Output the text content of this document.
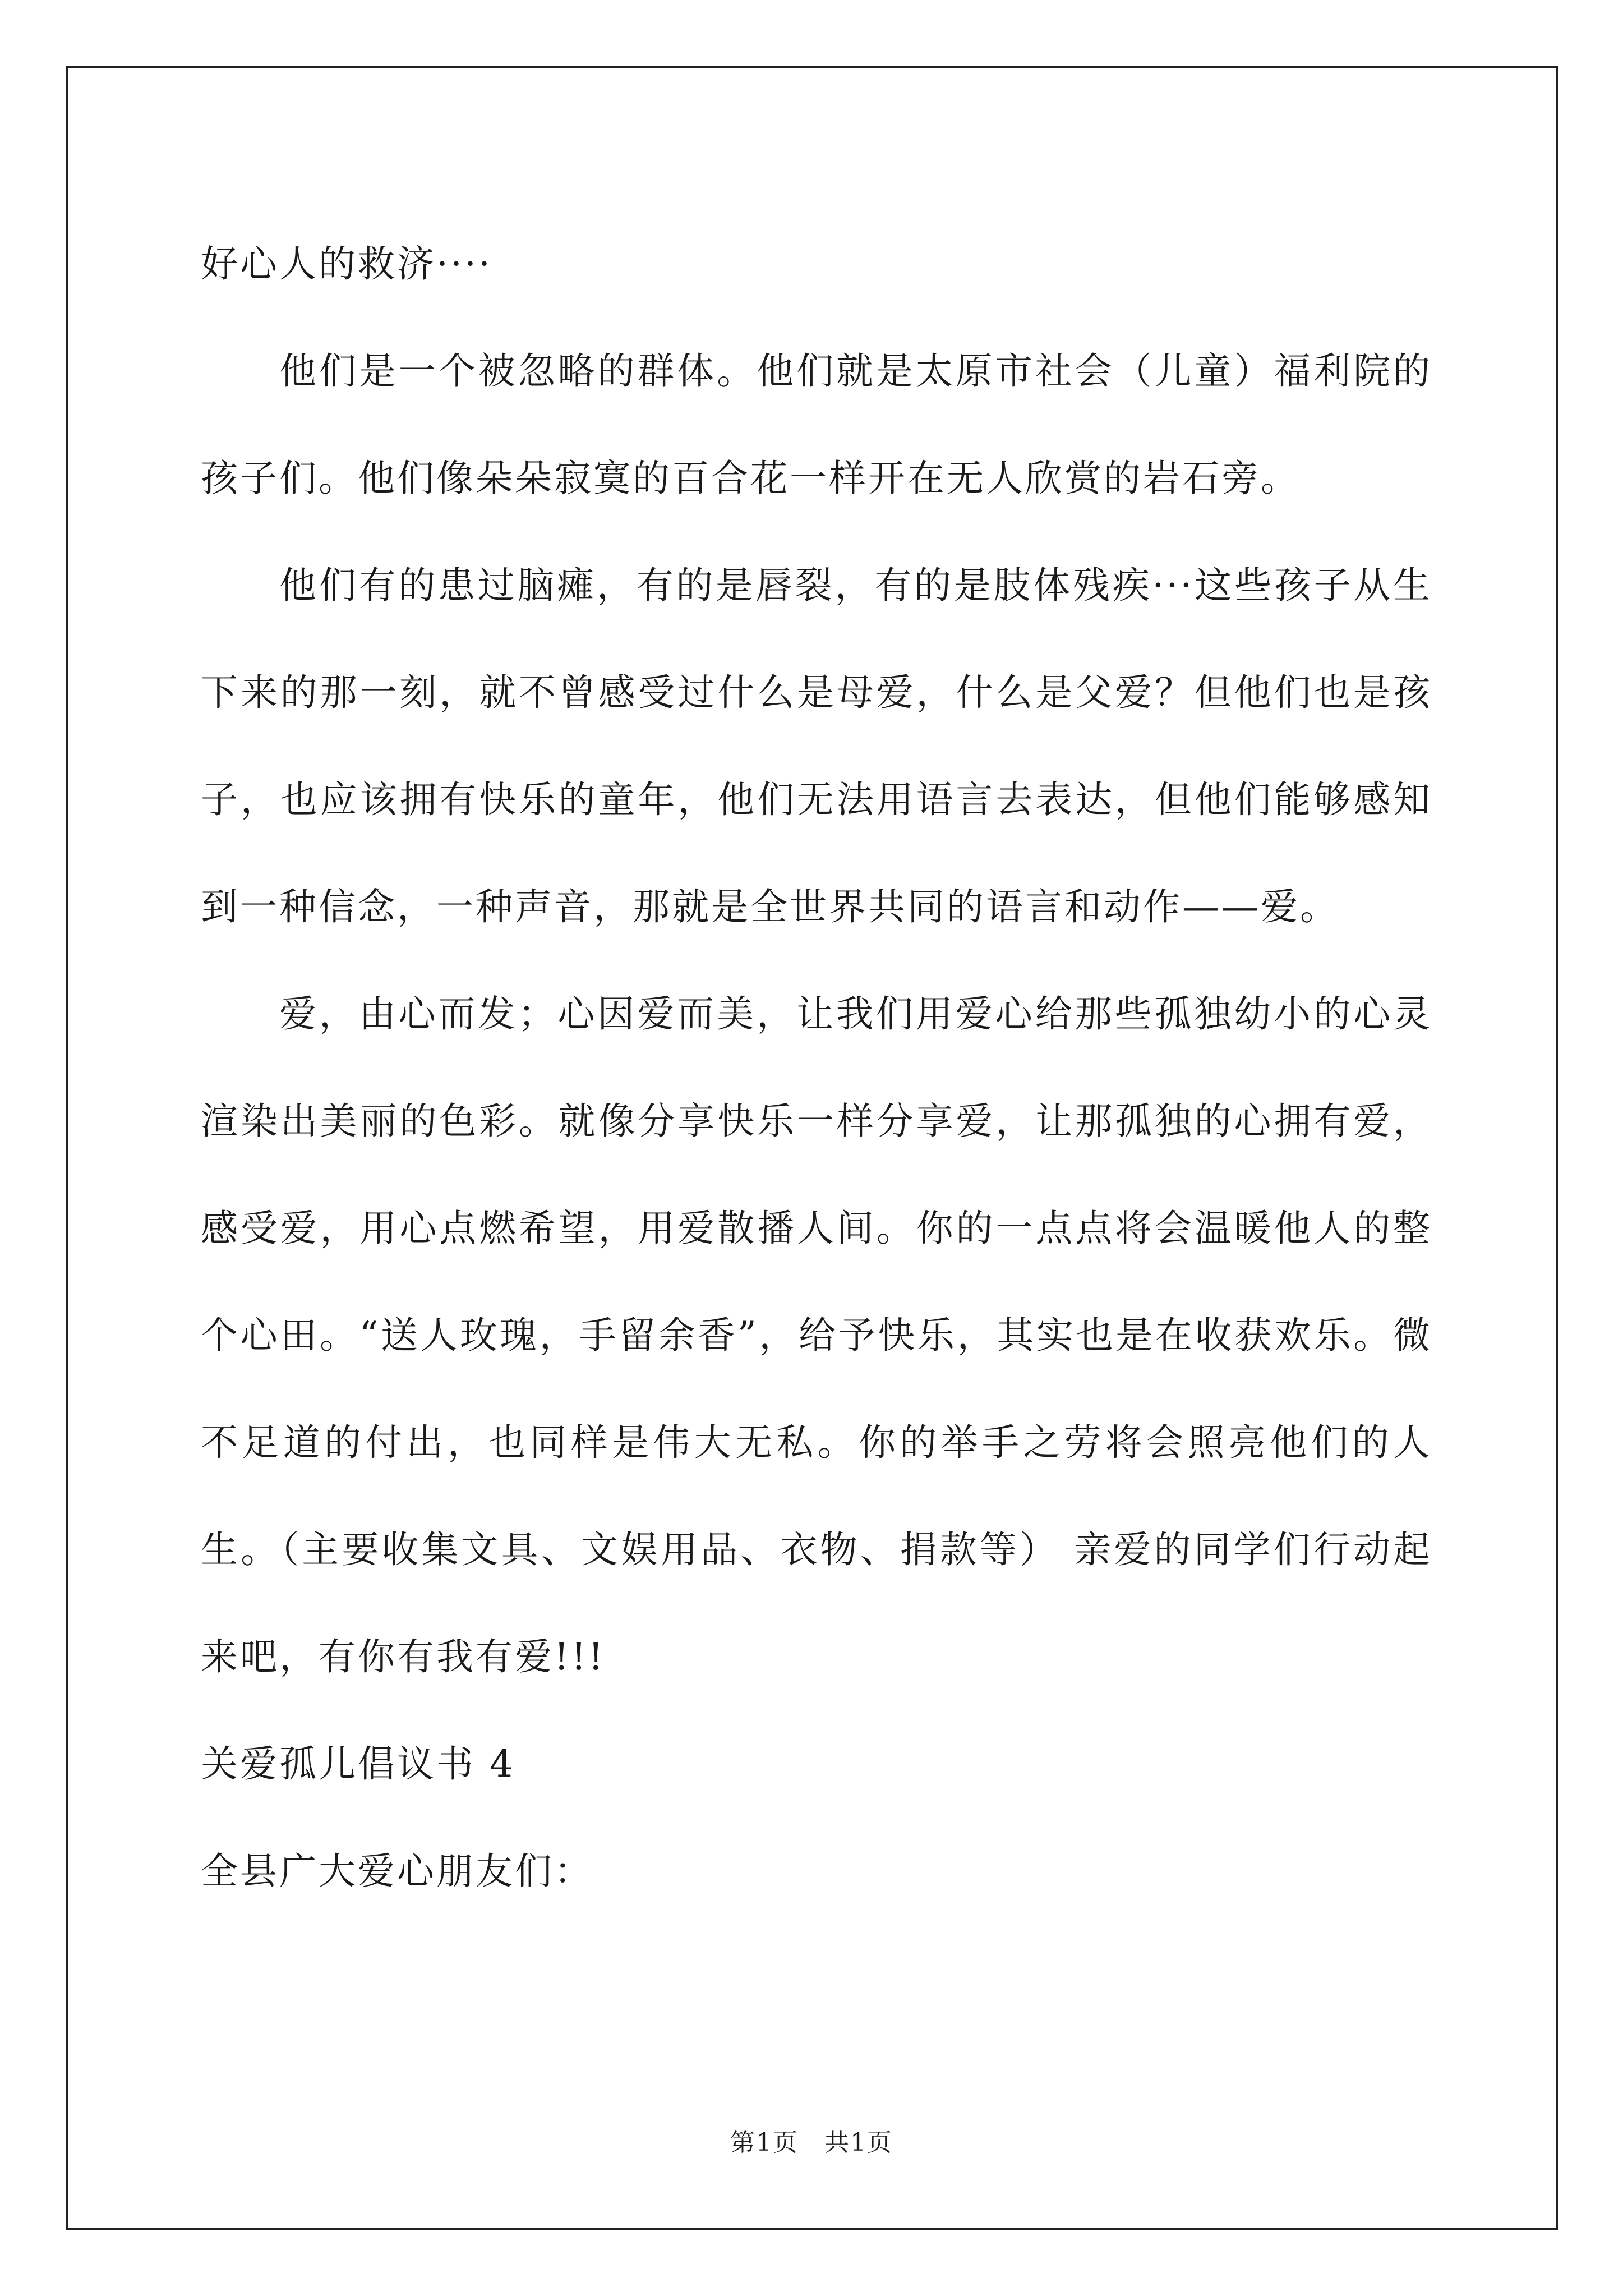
好心人的救济····

他们是一个被忽略的群体。他们就是太原市社会（儿童）福利院的孩子们。他们像朵朵寂寞的百合花一样开在无人欣赏的岩石旁。

他们有的患过脑瘫，有的是唇裂，有的是肢体残疾···这些孩子从生下来的那一刻，就不曾感受过什么是母爱，什么是父爱？但他们也是孩子，也应该拥有快乐的童年，他们无法用语言去表达，但他们能够感知到一种信念，一种声音，那就是全世界共同的语言和动作——爱。

爱，由心而发；心因爱而美，让我们用爱心给那些孤独幼小的心灵渲染出美丽的色彩。就像分享快乐一样分享爱，让那孤独的心拥有爱，感受爱，用心点燃希望，用爱散播人间。你的一点点将会温暖他人的整个心田。“送人玫瑰，手留余香”，给予快乐，其实也是在收获欢乐。微不足道的付出，也同样是伟大无私。你的举手之劳将会照亮他们的人生。（主要收集文具、文娱用品、衣物、捐款等） 亲爱的同学们行动起来吧，有你有我有爱!!!

关爱孤儿倡议书 4

全县广大爱心朋友们：

第1页　共1页
